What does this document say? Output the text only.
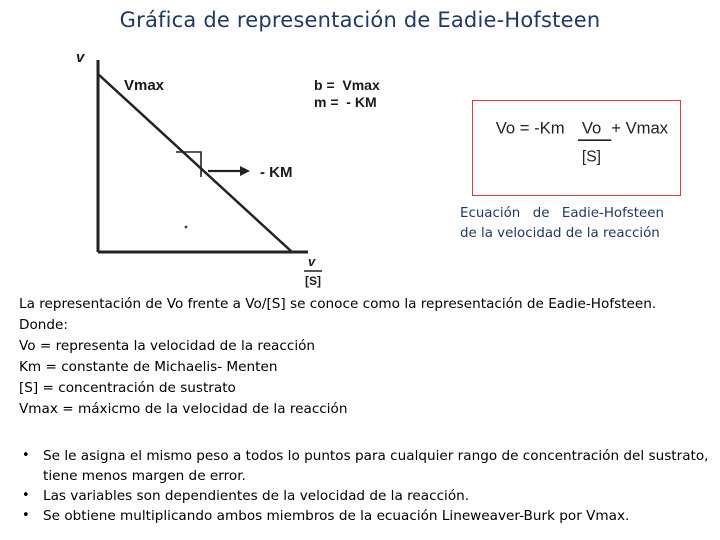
Gráfica de representación de Eadie-Hofsteen
v
Vmax	b =  Vmax
m =  - KM
- KM
v
[S]
Vo = -Km Vo
[S]
+ Vmax
Ecuación de Eadie-Hofsteen de la velocidad de la reacción
La representación de Vo frente a Vo/[S] se conoce como la representación de Eadie-Hofsteen.
Donde:
Vo = representa la velocidad de la reacción
Km = constante de Michaelis- Menten
[S] = concentración de sustrato
Vmax = máxicmo de la velocidad de la reacción
• Se le asigna el mismo peso a todos lo puntos para cualquier rango de concentración del sustrato, tiene menos margen de error.
• Las variables son dependientes de la velocidad de la reacción.
• Se obtiene multiplicando ambos miembros de la ecuación Lineweaver-Burk por Vmax.
